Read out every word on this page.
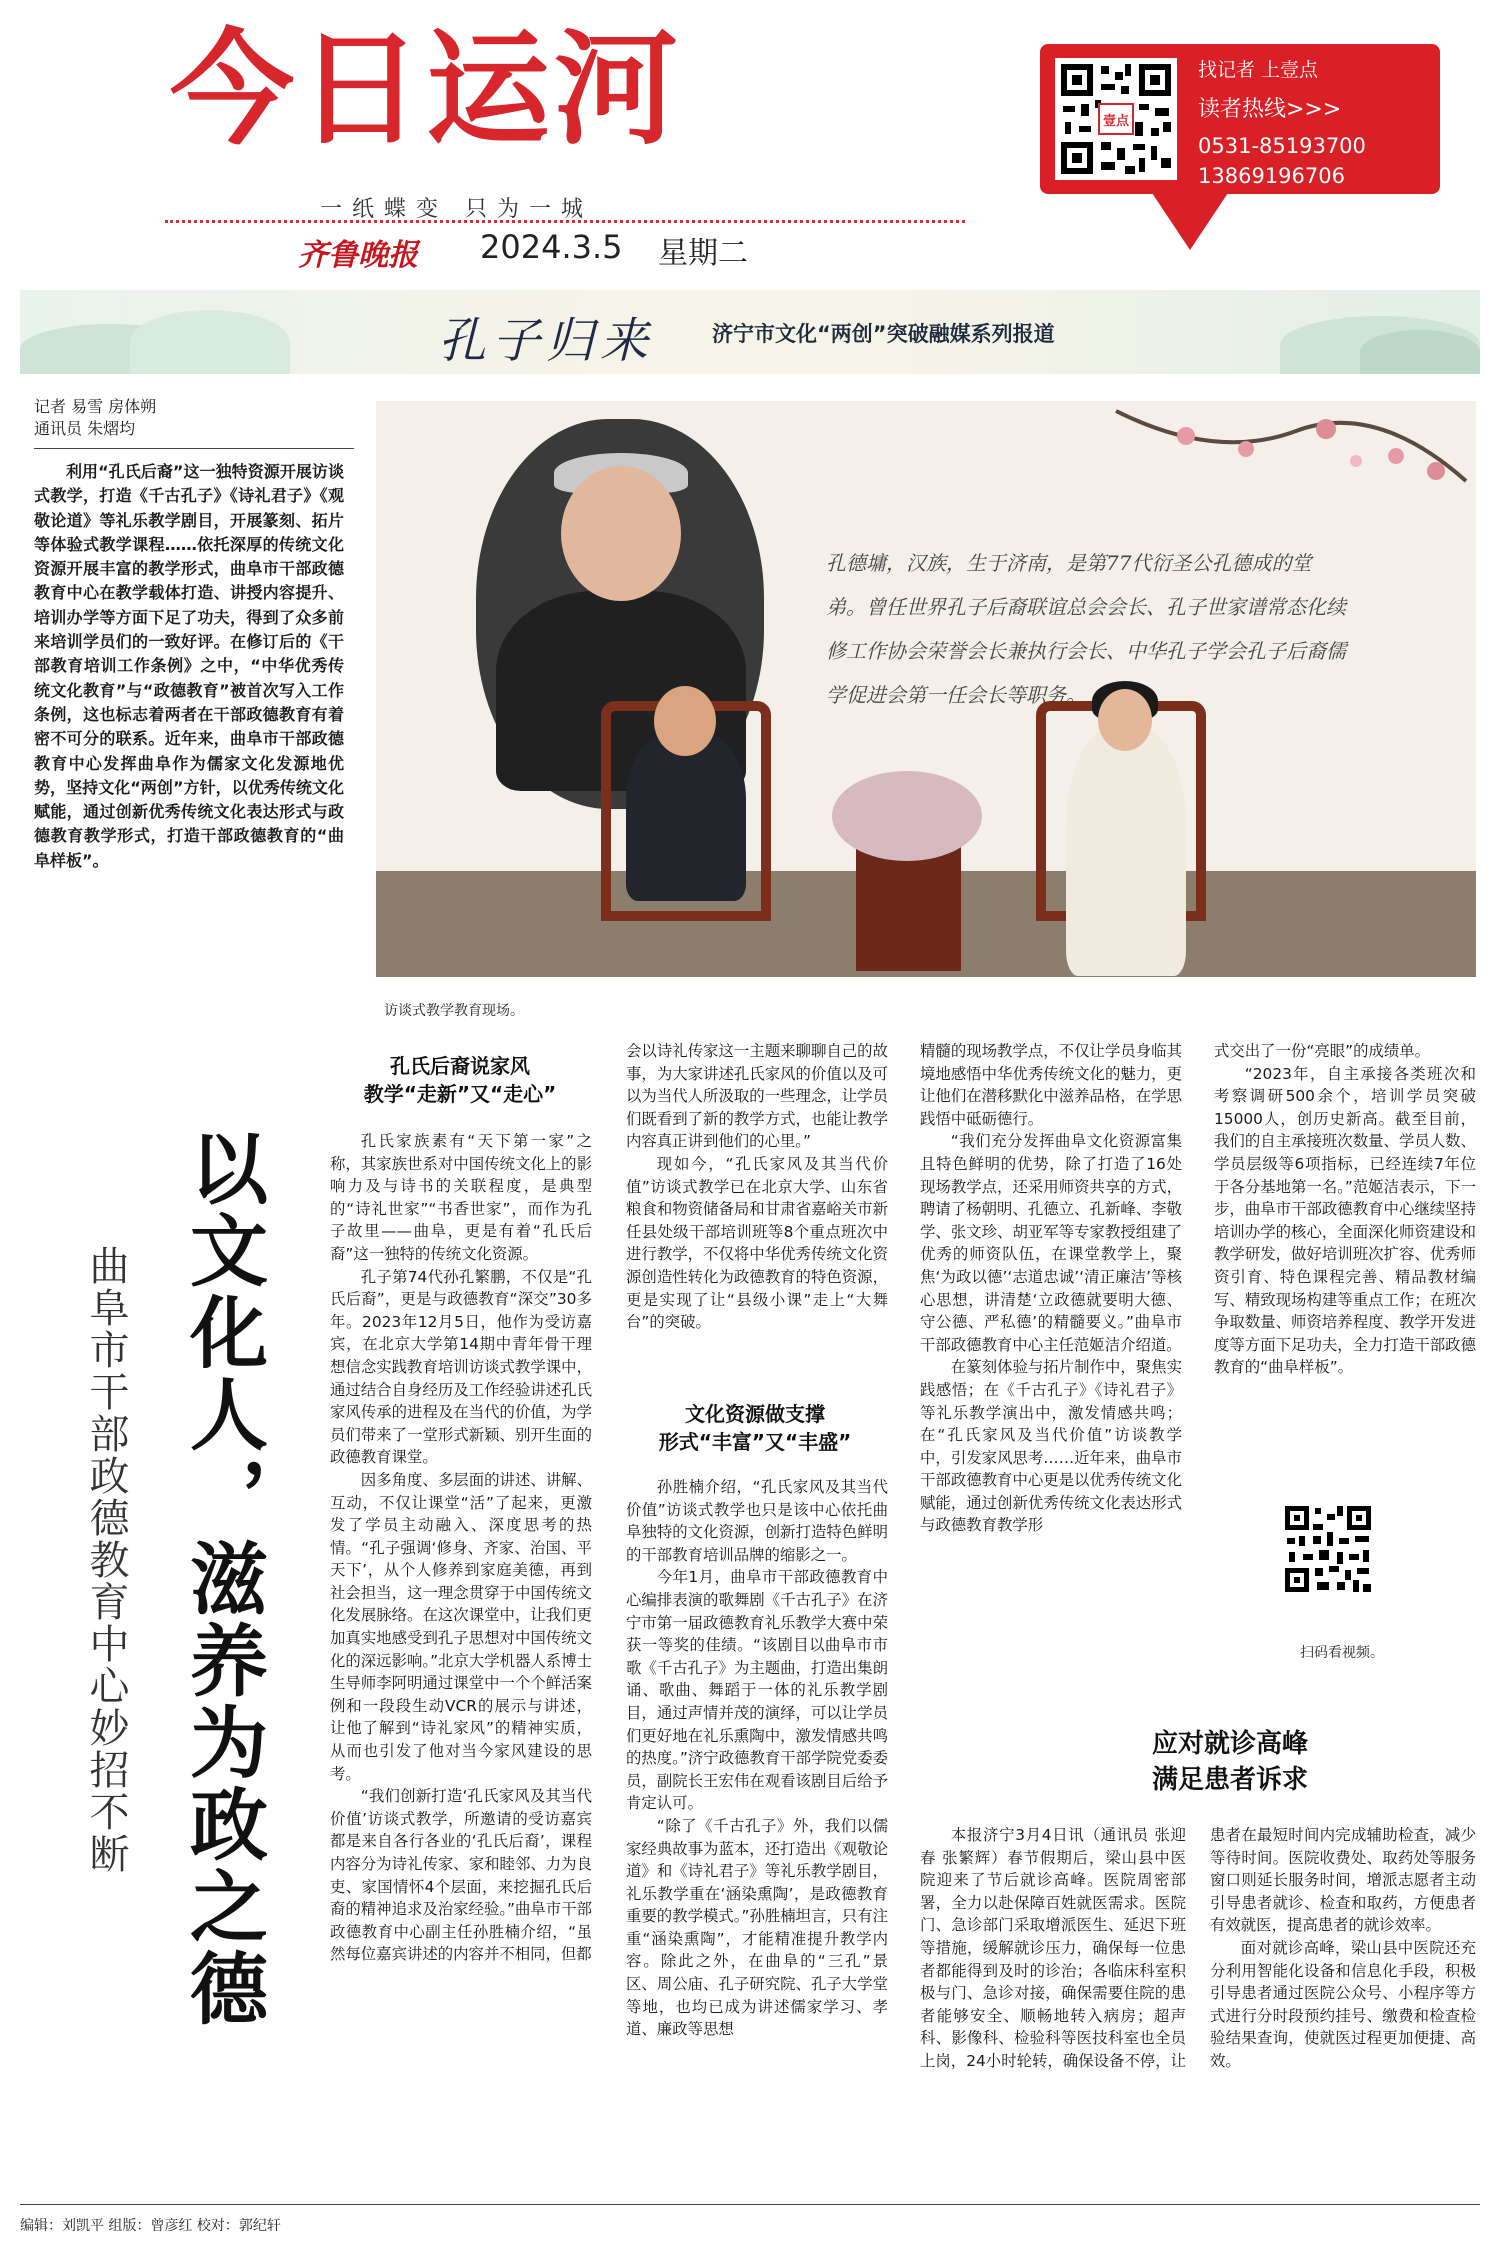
今日运河
一纸蝶变 只为一城
齐鲁晚报 2024.3.5 星期二
壹点
找记者 上壹点
读者热线>>>
0531-85193700
13869196706
孔子归来	济宁市文化“两创”突破融媒系列报道
记者 易雪 房体朔
通讯员 朱熠均

利用“孔氏后裔”这一独特资源开展访谈式教学，打造《千古孔子》《诗礼君子》《观敬论道》等礼乐教学剧目，开展篆刻、拓片等体验式教学课程……依托深厚的传统文化资源开展丰富的教学形式，曲阜市干部政德教育中心在教学载体打造、讲授内容提升、培训办学等方面下足了功夫，得到了众多前来培训学员们的一致好评。在修订后的《干部教育培训工作条例》之中，“中华优秀传统文化教育”与“政德教育”被首次写入工作条例，这也标志着两者在干部政德教育有着密不可分的联系。近年来，曲阜市干部政德教育中心发挥曲阜作为儒家文化发源地优势，坚持文化“两创”方针，以优秀传统文化赋能，通过创新优秀传统文化表达形式与政德教育教学形式，打造干部政德教育的“曲阜样板”。

孔德墉，汉族，生于济南，是第77代衍圣公孔德成的堂弟。曾任世界孔子后裔联谊总会会长、孔子世家谱常态化续修工作协会荣誉会长兼执行会长、中华孔子学会孔子后裔儒学促进会第一任会长等职务。
访谈式教学教育现场。
以文化人，滋养为政之德
曲阜市干部政德教育中心妙招不断
孔氏后裔说家风
教学“走新”又“走心”

孔氏家族素有“天下第一家”之称，其家族世系对中国传统文化上的影响力及与诗书的关联程度，是典型的“诗礼世家”“书香世家”，而作为孔子故里——曲阜，更是有着“孔氏后裔”这一独特的传统文化资源。

孔子第74代孙孔繁鹏，不仅是“孔氏后裔”，更是与政德教育“深交”30多年。2023年12月5日，他作为受访嘉宾，在北京大学第14期中青年骨干理想信念实践教育培训访谈式教学课中，通过结合自身经历及工作经验讲述孔氏家风传承的进程及在当代的价值，为学员们带来了一堂形式新颖、别开生面的政德教育课堂。

因多角度、多层面的讲述、讲解、互动，不仅让课堂“活”了起来，更激发了学员主动融入、深度思考的热情。“孔子强调‘修身、齐家、治国、平天下’，从个人修养到家庭美德，再到社会担当，这一理念贯穿于中国传统文化发展脉络。在这次课堂中，让我们更加真实地感受到孔子思想对中国传统文化的深远影响。”北京大学机器人系博士生导师李阿明通过课堂中一个个鲜活案例和一段段生动VCR的展示与讲述，让他了解到“诗礼家风”的精神实质，从而也引发了他对当今家风建设的思考。

“我们创新打造‘孔氏家风及其当代价值’访谈式教学，所邀请的受访嘉宾都是来自各行各业的‘孔氏后裔’，课程内容分为诗礼传家、家和睦邻、力为良吏、家国情怀4个层面，来挖掘孔氏后裔的精神追求及治家经验。”曲阜市干部政德教育中心副主任孙胜楠介绍，“虽然每位嘉宾讲述的内容并不相同，但都

会以诗礼传家这一主题来聊聊自己的故事，为大家讲述孔氏家风的价值以及可以为当代人所汲取的一些理念，让学员们既看到了新的教学方式，也能让教学内容真正讲到他们的心里。”

现如今，“孔氏家风及其当代价值”访谈式教学已在北京大学、山东省粮食和物资储备局和甘肃省嘉峪关市新任县处级干部培训班等8个重点班次中进行教学，不仅将中华优秀传统文化资源创造性转化为政德教育的特色资源，更是实现了让“县级小课”走上“大舞台”的突破。

文化资源做支撑
形式“丰富”又“丰盛”

孙胜楠介绍，“孔氏家风及其当代价值”访谈式教学也只是该中心依托曲阜独特的文化资源，创新打造特色鲜明的干部教育培训品牌的缩影之一。

今年1月，曲阜市干部政德教育中心编排表演的歌舞剧《千古孔子》在济宁市第一届政德教育礼乐教学大赛中荣获一等奖的佳绩。“该剧目以曲阜市市歌《千古孔子》为主题曲，打造出集朗诵、歌曲、舞蹈于一体的礼乐教学剧目，通过声情并茂的演绎，可以让学员们更好地在礼乐熏陶中，激发情感共鸣的热度。”济宁政德教育干部学院党委委员，副院长王宏伟在观看该剧目后给予肯定认可。

“除了《千古孔子》外，我们以儒家经典故事为蓝本，还打造出《观敬论道》和《诗礼君子》等礼乐教学剧目，礼乐教学重在‘涵染熏陶’，是政德教育重要的教学模式。”孙胜楠坦言，只有注重“涵染熏陶”，才能精准提升教学内容。除此之外，在曲阜的“三孔”景区、周公庙、孔子研究院、孔子大学堂等地，也均已成为讲述儒家学习、孝道、廉政等思想

精髓的现场教学点，不仅让学员身临其境地感悟中华优秀传统文化的魅力，更让他们在潜移默化中滋养品格，在学思践悟中砥砺德行。

“我们充分发挥曲阜文化资源富集且特色鲜明的优势，除了打造了16处现场教学点，还采用师资共享的方式，聘请了杨朝明、孔德立、孔新峰、李敬学、张文珍、胡亚军等专家教授组建了优秀的师资队伍，在课堂教学上，聚焦‘为政以德’‘志道忠诚’‘清正廉洁’等核心思想，讲清楚‘立政德就要明大德、守公德、严私德’的精髓要义。”曲阜市干部政德教育中心主任范姬洁介绍道。

在篆刻体验与拓片制作中，聚焦实践感悟；在《千古孔子》《诗礼君子》等礼乐教学演出中，激发情感共鸣；在“孔氏家风及当代价值”访谈教学中，引发家风思考……近年来，曲阜市干部政德教育中心更是以优秀传统文化赋能，通过创新优秀传统文化表达形式与政德教育教学形

式交出了一份“亮眼”的成绩单。

“2023年，自主承接各类班次和考察调研500余个，培训学员突破15000人，创历史新高。截至目前，我们的自主承接班次数量、学员人数、学员层级等6项指标，已经连续7年位于各分基地第一名。”范姬洁表示，下一步，曲阜市干部政德教育中心继续坚持培训办学的核心，全面深化师资建设和教学研发，做好培训班次扩容、优秀师资引育、特色课程完善、精品教材编写、精致现场构建等重点工作；在班次争取数量、师资培养程度、教学开发进度等方面下足功夫，全力打造干部政德教育的“曲阜样板”。

扫码看视频。
应对就诊高峰
满足患者诉求

本报济宁3月4日讯（通讯员 张迎春 张繁辉）春节假期后，梁山县中医院迎来了节后就诊高峰。医院周密部署，全力以赴保障百姓就医需求。医院门、急诊部门采取增派医生、延迟下班等措施，缓解就诊压力，确保每一位患者都能得到及时的诊治；各临床科室积极与门、急诊对接，确保需要住院的患者能够安全、顺畅地转入病房；超声科、影像科、检验科等医技科室也全员上岗，24小时轮转，确保设备不停，让患者在最短时间内完成辅助检查，减少等待时间。医院收费处、取药处等服务窗口则延长服务时间，增派志愿者主动引导患者就诊、检查和取药，方便患者有效就医，提高患者的就诊效率。

面对就诊高峰，梁山县中医院还充分利用智能化设备和信息化手段，积极引导患者通过医院公众号、小程序等方式进行分时段预约挂号、缴费和检查检验结果查询，使就医过程更加便捷、高效。

编辑：刘凯平 组版：曾彦红 校对：郭纪轩
